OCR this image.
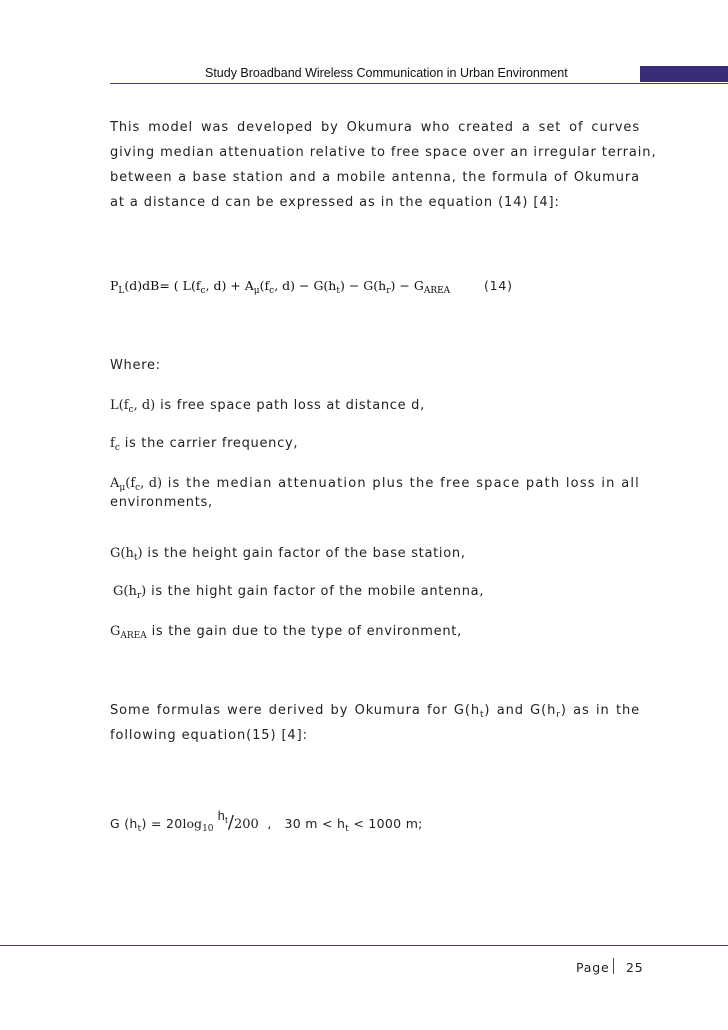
Study Broadband Wireless Communication in Urban Environment
This model was developed by Okumura who created a set of curves
giving median attenuation relative to free space over an irregular terrain,
between a base station and a mobile antenna, the formula of Okumura
at a distance d can be expressed as in the equation (14) [4]:
$P_L(d)dB=$ ( $L(f_c$, $d) + A_\mu(f_c$, $d) - G(h_t) - G(h_r) - G_{AREA}$	(14)
Where:
$L(f_c$, d) is free space path loss at distance d,
$f_c$ is the carrier frequency,
$A_\mu(f_c$, d) is the median attenuation plus the free space path loss in all
environments,
$G(h_t)$ is the height gain factor of the base station,
$G(h_r)$ is the hight gain factor of the mobile antenna,
$G_{AREA}$ is the gain due to the type of environment,
Some formulas were derived by Okumura for $G(h_t)$ and $G(h_r)$ as in the
following equation(15) [4]:
G $(h_t) = 20\log_{10}$ $h_t/200$ , 30 $m < h_t < 1000$ m;
Page 25
